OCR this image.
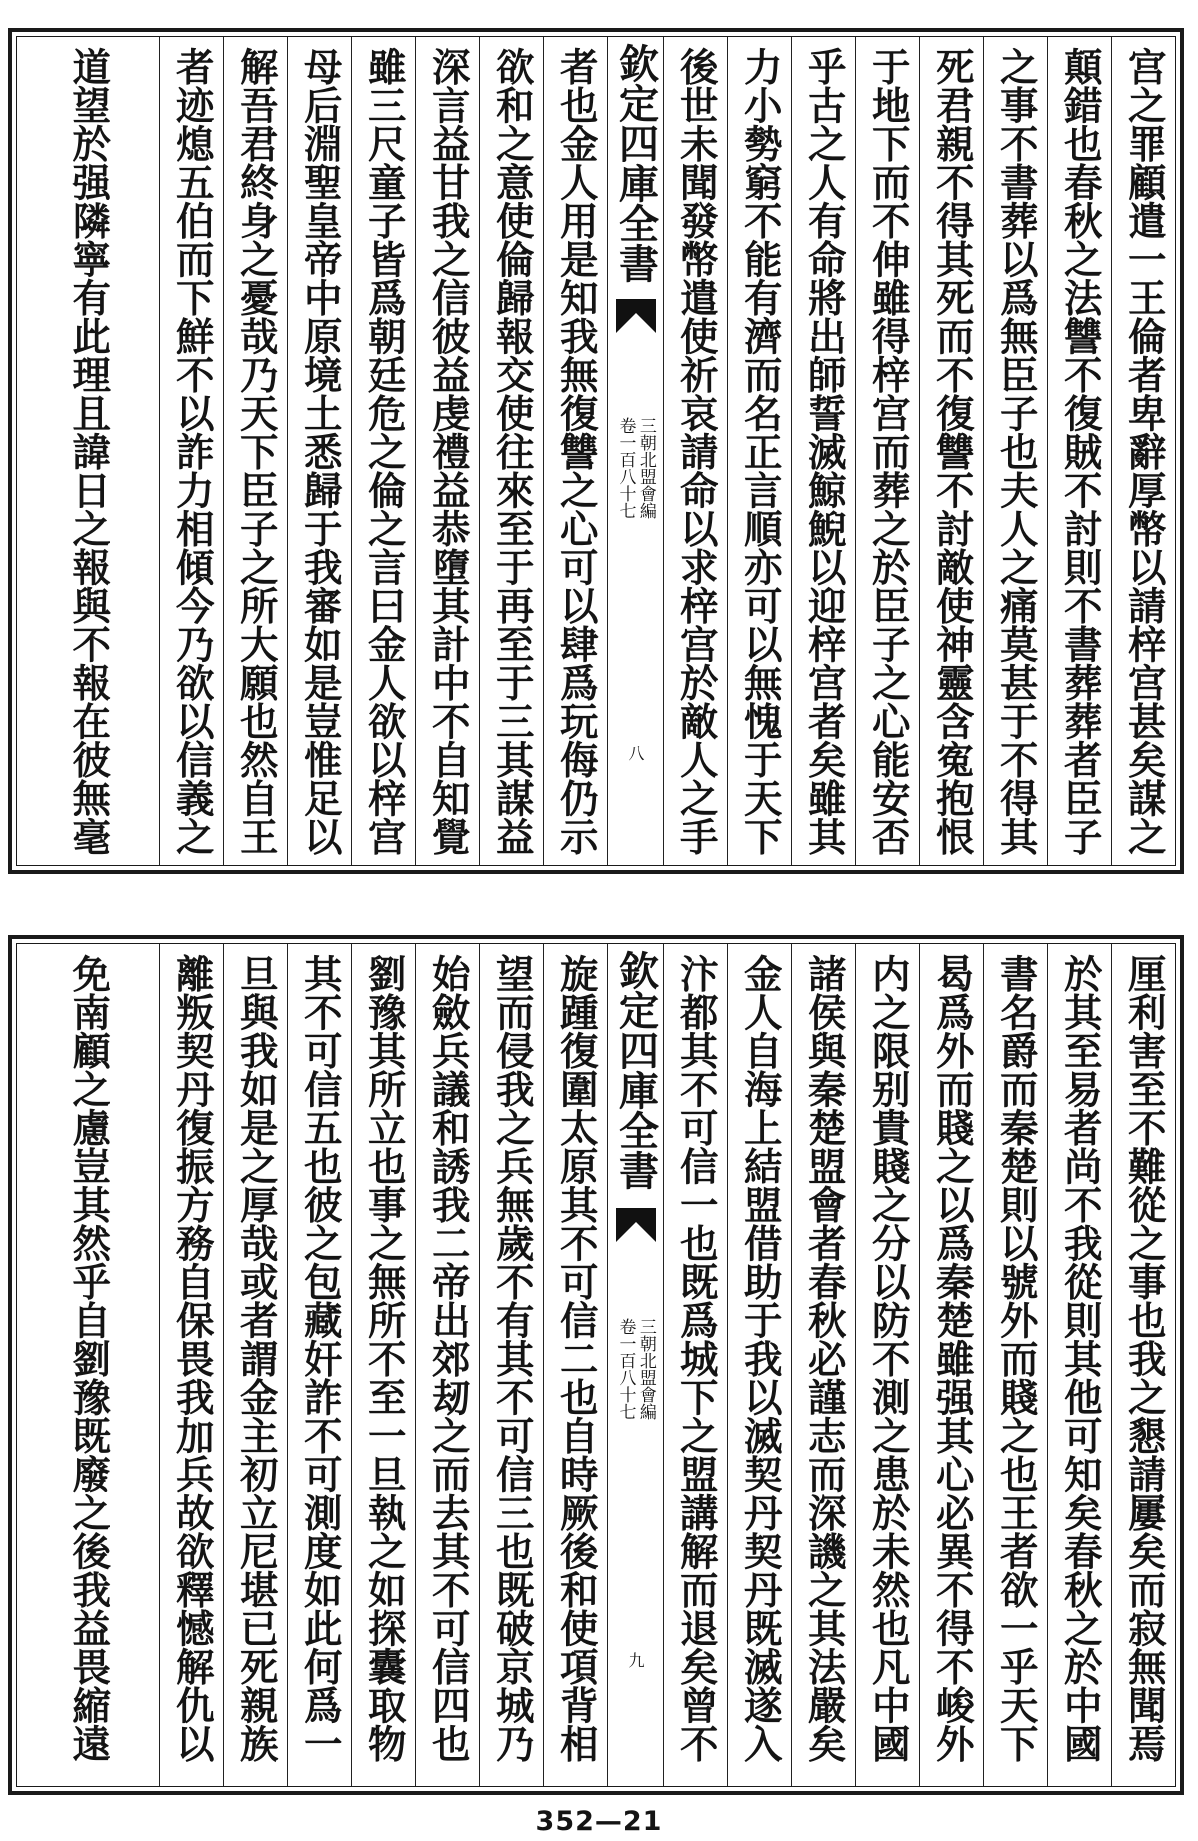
宫之罪顧遣一王倫者卑辭厚幣以請梓宫甚矣謀之
顛錯也春秋之法讐不復賊不討則不書葬葬者臣子
之事不書葬以爲無臣子也夫人之痛莫甚于不得其
死君親不得其死而不復讐不討敵使神靈含寃抱恨
于地下而不伸雖得梓宫而葬之於臣子之心能安否
乎古之人有命將出師誓滅鯨鯢以迎梓宫者矣雖其
力小勢窮不能有濟而名正言順亦可以無愧于天下
後世未聞發幣遣使祈哀請命以求梓宫於敵人之手
欽定四庫全書
三朝北盟會編
卷一百八十七
八
者也金人用是知我無復讐之心可以肆爲玩侮仍示
欲和之意使倫歸報交使往來至于再至于三其謀益
深言益甘我之信彼益虔禮益恭墮其計中不自知覺
雖三尺童子皆爲朝廷危之倫之言曰金人欲以梓宫
母后淵聖皇帝中原境土悉歸于我審如是豈惟足以
解吾君終身之憂哉乃天下臣子之所大願也然自王
者迹熄五伯而下鮮不以詐力相傾今乃欲以信義之
道望於强隣寧有此理且諱日之報與不報在彼無毫
厘利害至不難從之事也我之懇請屢矣而寂無聞焉
於其至易者尚不我從則其他可知矣春秋之於中國
書名爵而秦楚則以號外而賤之也王者欲一乎天下
曷爲外而賤之以爲秦楚雖强其心必異不得不峻外
内之限别貴賤之分以防不測之患於未然也凡中國
諸侯與秦楚盟會者春秋必謹志而深譏之其法嚴矣
金人自海上結盟借助于我以滅契丹契丹既滅遂入
汴都其不可信一也既爲城下之盟講解而退矣曾不
欽定四庫全書
三朝北盟會編
卷一百八十七
九
旋踵復圍太原其不可信二也自時厥後和使項背相
望而侵我之兵無歲不有其不可信三也既破京城乃
始斂兵議和誘我二帝出郊刼之而去其不可信四也
劉豫其所立也事之無所不至一旦執之如探囊取物
其不可信五也彼之包藏奸詐不可測度如此何爲一
旦與我如是之厚哉或者謂金主初立尼堪已死親族
離叛契丹復振方務自保畏我加兵故欲釋憾解仇以
免南顧之慮豈其然乎自劉豫既廢之後我益畏縮遠
352—21
